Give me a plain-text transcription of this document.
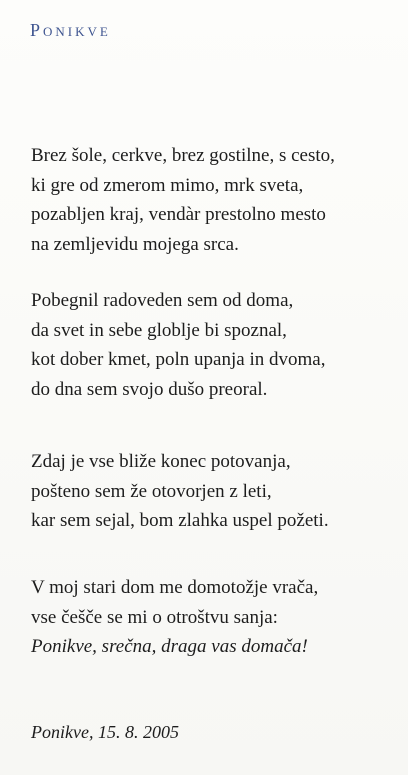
Ponikve
Brez šole, cerkve, brez gostilne, s cesto,
ki gre od zmerom mimo, mrk sveta,
pozabljen kraj, vendàr prestolno mesto
na zemljevidu mojega srca.
Pobegnil radoveden sem od doma,
da svet in sebe globlje bi spoznal,
kot dober kmet, poln upanja in dvoma,
do dna sem svojo dušo preoral.
Zdaj je vse bliže konec potovanja,
pošteno sem že otovorjen z leti,
kar sem sejal, bom zlahka uspel požeti.
V moj stari dom me domotožje vrača,
vse češče se mi o otroštvu sanja:
Ponikve, srečna, draga vas domača!
Ponikve, 15. 8. 2005
